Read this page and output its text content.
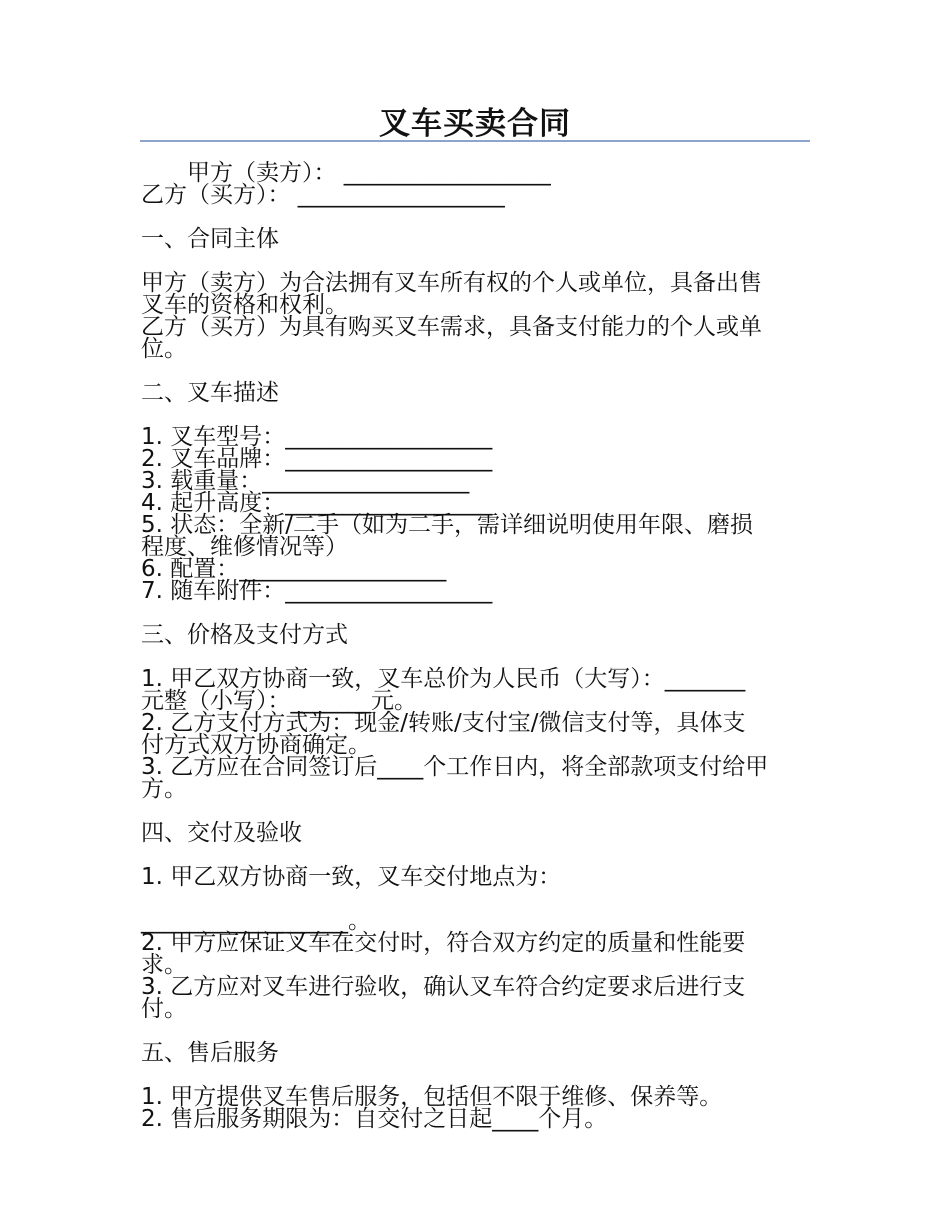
叉车买卖合同

甲方（卖方）： __________________

乙方（买方）： __________________

一、合同主体

甲方（卖方）为合法拥有叉车所有权的个人或单位，具备出售

叉车的资格和权利。

乙方（买方）为具有购买叉车需求，具备支付能力的个人或单

位。

二、叉车描述

1. 叉车型号：__________________

2. 叉车品牌：__________________

3. 载重量：__________________

4. 起升高度：__________________

5. 状态：全新/二手（如为二手，需详细说明使用年限、磨损

程度、维修情况等）

6. 配置：__________________

7. 随车附件：__________________

三、价格及支付方式

1. 甲乙双方协商一致，叉车总价为人民币（大写）：_______

元整（小写）：_______元。

2. 乙方支付方式为：现金/转账/支付宝/微信支付等，具体支

付方式双方协商确定。

3. 乙方应在合同签订后____个工作日内，将全部款项支付给甲

方。

四、交付及验收

1. 甲乙双方协商一致，叉车交付地点为：

__________________。

2. 甲方应保证叉车在交付时，符合双方约定的质量和性能要

求。

3. 乙方应对叉车进行验收，确认叉车符合约定要求后进行支

付。

五、售后服务

1. 甲方提供叉车售后服务，包括但不限于维修、保养等。

2. 售后服务期限为：自交付之日起____个月。
